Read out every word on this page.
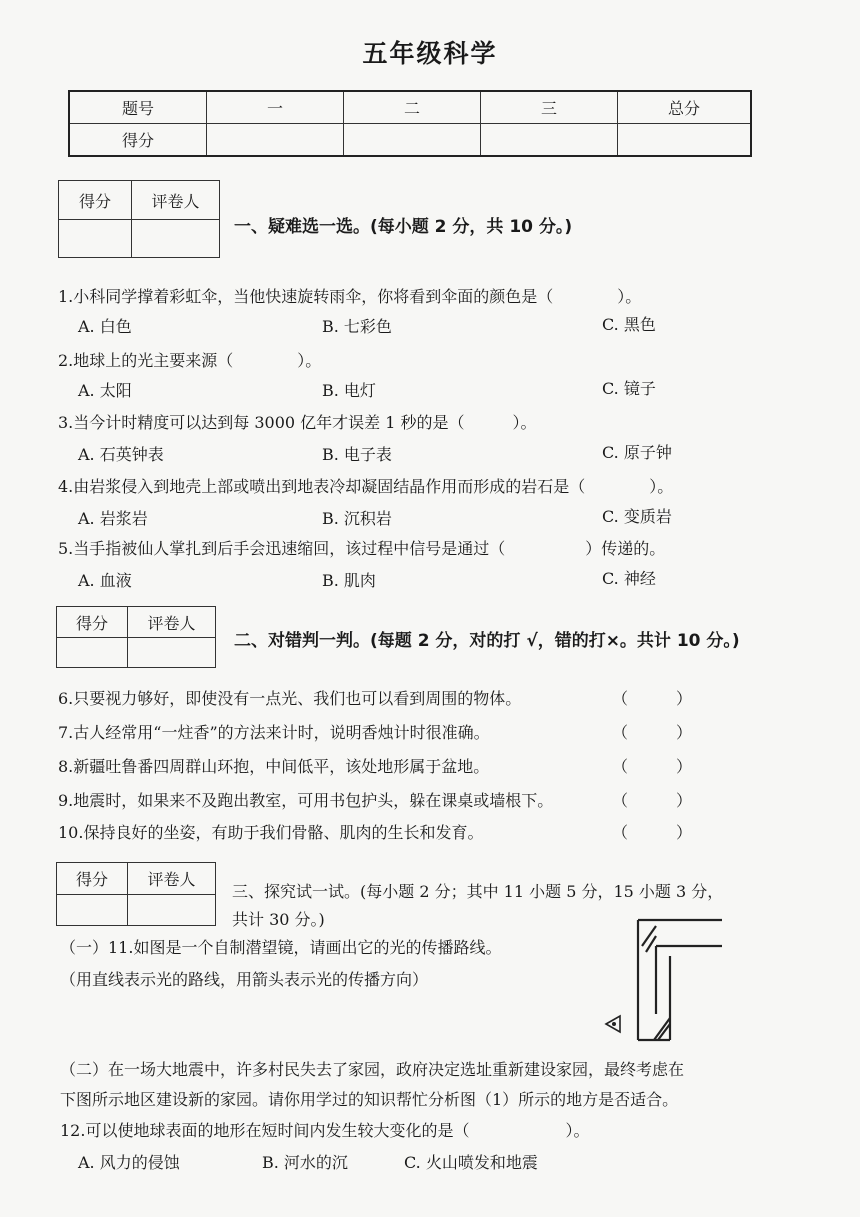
五年级科学
题号	一	二	三	总分
得分				
得分	评卷人

一、疑难选一选。(每小题 2 分，共 10 分。)
1.小科同学撑着彩虹伞，当他快速旋转雨伞，你将看到伞面的颜色是（　　　　）。
A. 白色	B. 七彩色	C. 黑色
2.地球上的光主要来源（　　　　）。
A. 太阳	B. 电灯	C. 镜子
3.当今计时精度可以达到每 3000 亿年才误差 1 秒的是（　　　）。
A. 石英钟表	B. 电子表	C. 原子钟
4.由岩浆侵入到地壳上部或喷出到地表冷却凝固结晶作用而形成的岩石是（　　　　）。
A. 岩浆岩	B. 沉积岩	C. 变质岩
5.当手指被仙人掌扎到后手会迅速缩回，该过程中信号是通过（　　　　　）传递的。
A. 血液	B. 肌肉	C. 神经
得分	评卷人

二、对错判一判。(每题 2 分，对的打 √，错的打×。共计 10 分。)
6.只要视力够好，即使没有一点光、我们也可以看到周围的物体。	（　　　）
7.古人经常用“一炷香”的方法来计时，说明香烛计时很准确。	（　　　）
8.新疆吐鲁番四周群山环抱，中间低平，该处地形属于盆地。	（　　　）
9.地震时，如果来不及跑出教室，可用书包护头，躲在课桌或墙根下。	（　　　）
10.保持良好的坐姿，有助于我们骨骼、肌肉的生长和发育。	（　　　）
得分	评卷人

三、探究试一试。(每小题 2 分；其中 11 小题 5 分，15 小题 3 分，
共计 30 分。)
（一）11.如图是一个自制潜望镜，请画出它的光的传播路线。
（用直线表示光的路线，用箭头表示光的传播方向）
（二）在一场大地震中，许多村民失去了家园，政府决定选址重新建设家园，最终考虑在
下图所示地区建设新的家园。请你用学过的知识帮忙分析图（1）所示的地方是否适合。
12.可以使地球表面的地形在短时间内发生较大变化的是（　　　　　　）。
A. 风力的侵蚀	B. 河水的沉	C. 火山喷发和地震
